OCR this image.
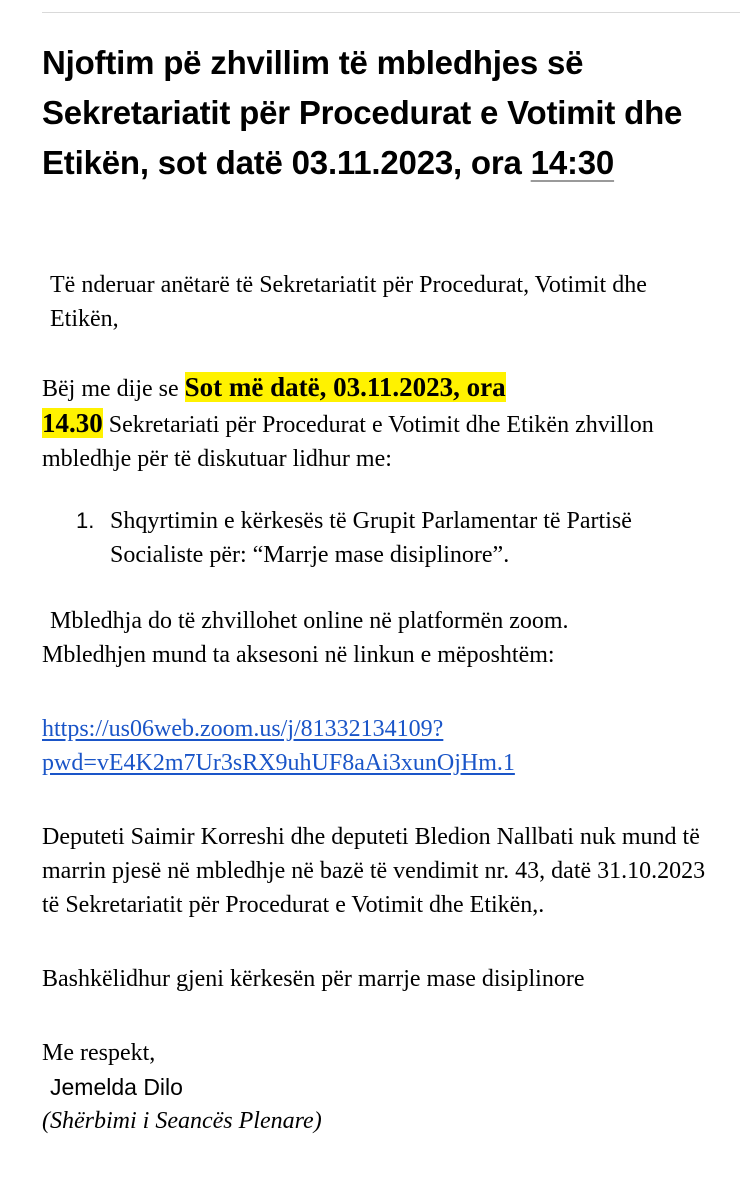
Njoftim pë zhvillim të mbledhjes së Sekretariatit për Procedurat e Votimit dhe Etikën, sot datë 03.11.2023, ora 14:30

Të nderuar anëtarë të Sekretariatit për Procedurat, Votimit dhe Etikën,

Bëj me dije se Sot më datë, 03.11.2023, ora
14.30 Sekretariati për Procedurat e Votimit dhe Etikën zhvillon mbledhje për të diskutuar lidhur me:

1. Shqyrtimin e kërkesës të Grupit Parlamentar të Partisë Socialiste për: “Marrje mase disiplinore”.

Mbledhja do të zhvillohet online në platformën zoom.
Mbledhjen mund ta aksesoni në linkun e mëposhtëm:

https://us06web.zoom.us/j/81332134109?
pwd=vE4K2m7Ur3sRX9uhUF8aAi3xunOjHm.1

Deputeti Saimir Korreshi dhe deputeti Bledion Nallbati nuk mund të marrin pjesë në mbledhje në bazë të vendimit nr. 43, datë 31.10.2023 të Sekretariatit për Procedurat e Votimit dhe Etikën,.

Bashkëlidhur gjeni kërkesën për marrje mase disiplinore

Me respekt,
Jemelda Dilo
(Shërbimi i Seancës Plenare)
